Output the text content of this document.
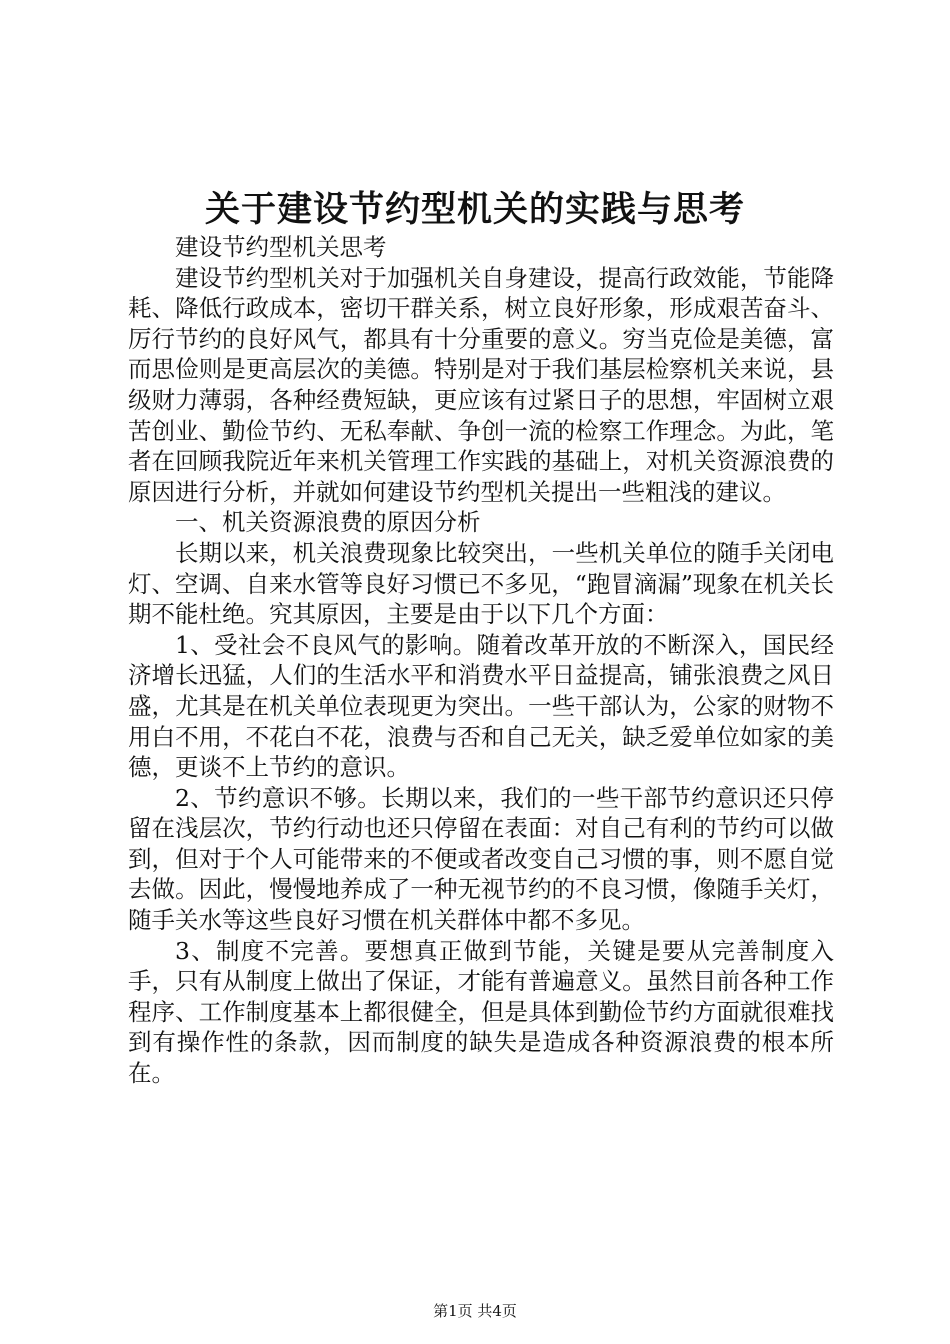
关于建设节约型机关的实践与思考

建设节约型机关思考

建设节约型机关对于加强机关自身建设，提高行政效能，节能降耗、降低行政成本，密切干群关系，树立良好形象，形成艰苦奋斗、厉行节约的良好风气，都具有十分重要的意义。穷当克俭是美德，富而思俭则是更高层次的美德。特别是对于我们基层检察机关来说，县级财力薄弱，各种经费短缺，更应该有过紧日子的思想，牢固树立艰苦创业、勤俭节约、无私奉献、争创一流的检察工作理念。为此，笔者在回顾我院近年来机关管理工作实践的基础上，对机关资源浪费的原因进行分析，并就如何建设节约型机关提出一些粗浅的建议。

一、机关资源浪费的原因分析

长期以来，机关浪费现象比较突出，一些机关单位的随手关闭电灯、空调、自来水管等良好习惯已不多见，“跑冒滴漏”现象在机关长期不能杜绝。究其原因，主要是由于以下几个方面：

1、受社会不良风气的影响。随着改革开放的不断深入，国民经济增长迅猛，人们的生活水平和消费水平日益提高，铺张浪费之风日盛，尤其是在机关单位表现更为突出。一些干部认为，公家的财物不用白不用，不花白不花，浪费与否和自己无关，缺乏爱单位如家的美德，更谈不上节约的意识。

2、节约意识不够。长期以来，我们的一些干部节约意识还只停留在浅层次，节约行动也还只停留在表面：对自己有利的节约可以做到，但对于个人可能带来的不便或者改变自己习惯的事，则不愿自觉去做。因此，慢慢地养成了一种无视节约的不良习惯，像随手关灯，随手关水等这些良好习惯在机关群体中都不多见。

3、制度不完善。要想真正做到节能，关键是要从完善制度入手，只有从制度上做出了保证，才能有普遍意义。虽然目前各种工作程序、工作制度基本上都很健全，但是具体到勤俭节约方面就很难找到有操作性的条款，因而制度的缺失是造成各种资源浪费的根本所在。

第1页 共4页
